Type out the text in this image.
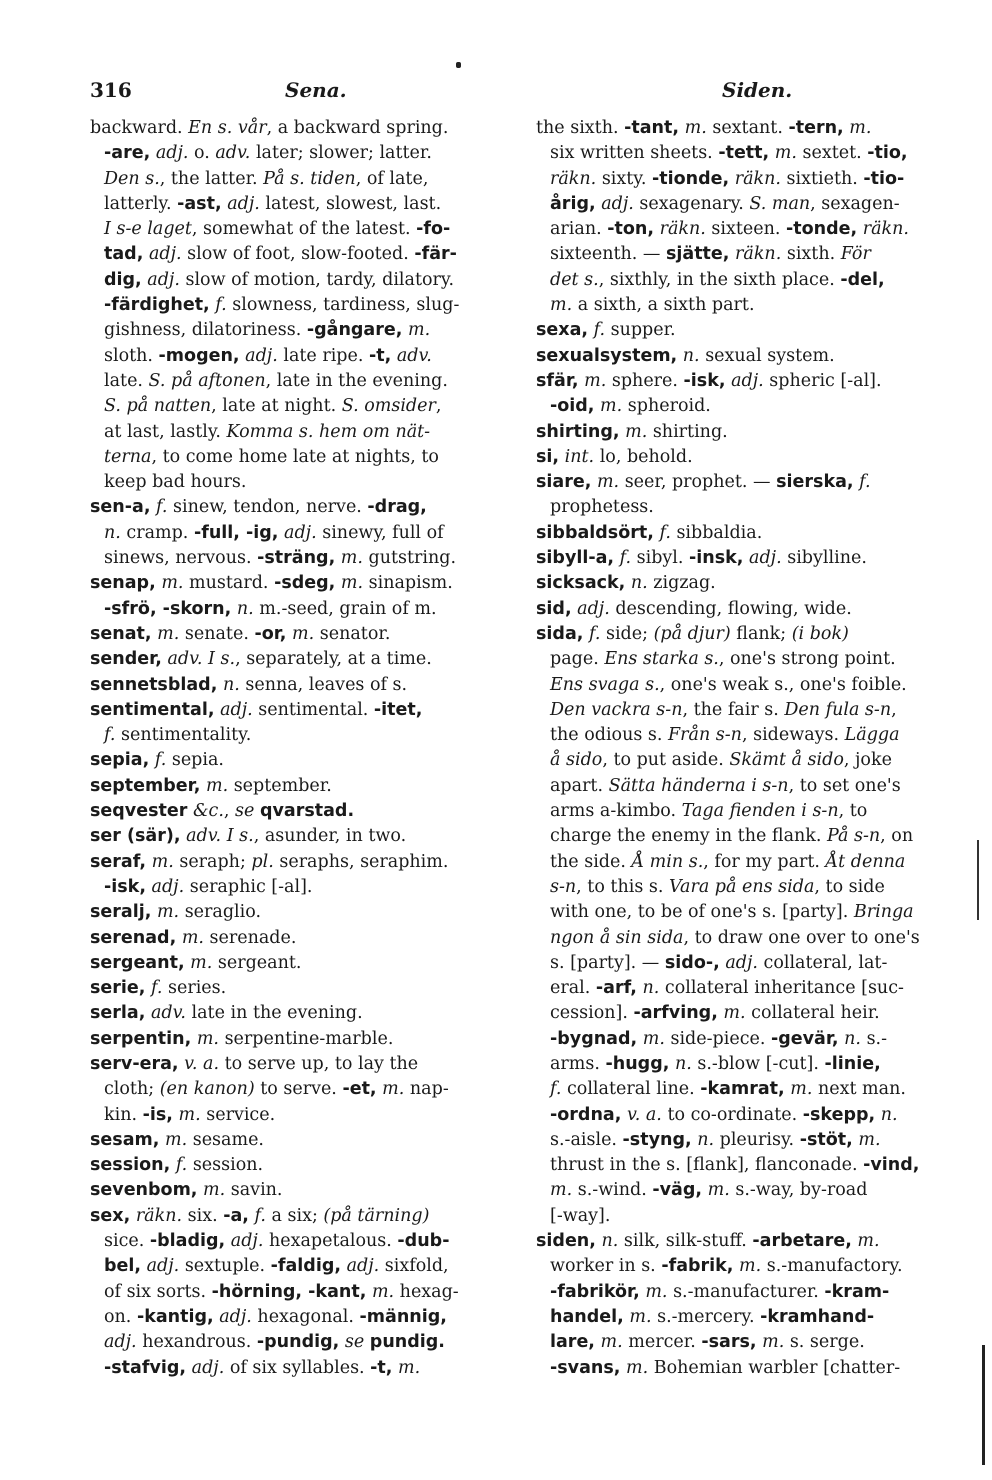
316	Sena.	Siden.
backward. En s. vår, a backward spring.
-are, adj. o. adv. later; slower; latter.
Den s., the latter. På s. tiden, of late,
latterly. -ast, adj. latest, slowest, last.
I s-e laget, somewhat of the latest. -fo-
tad, adj. slow of foot, slow-footed. -fär-
dig, adj. slow of motion, tardy, dilatory.
-färdighet, f. slowness, tardiness, slug-
gishness, dilatoriness. -gångare, m.
sloth. -mogen, adj. late ripe. -t, adv.
late. S. på aftonen, late in the evening.
S. på natten, late at night. S. omsider,
at last, lastly. Komma s. hem om nät-
terna, to come home late at nights, to
keep bad hours.
sen-a, f. sinew, tendon, nerve. -drag,
n. cramp. -full, -ig, adj. sinewy, full of
sinews, nervous. -sträng, m. gutstring.
senap, m. mustard. -sdeg, m. sinapism.
-sfrö, -skorn, n. m.-seed, grain of m.
senat, m. senate. -or, m. senator.
sender, adv. I s., separately, at a time.
sennetsblad, n. senna, leaves of s.
sentimental, adj. sentimental. -itet,
f. sentimentality.
sepia, f. sepia.
september, m. september.
seqvester &c., se qvarstad.
ser (sär), adv. I s., asunder, in two.
seraf, m. seraph; pl. seraphs, seraphim.
-isk, adj. seraphic [-al].
seralj, m. seraglio.
serenad, m. serenade.
sergeant, m. sergeant.
serie, f. series.
serla, adv. late in the evening.
serpentin, m. serpentine-marble.
serv-era, v. a. to serve up, to lay the
cloth; (en kanon) to serve. -et, m. nap-
kin. -is, m. service.
sesam, m. sesame.
session, f. session.
sevenbom, m. savin.
sex, räkn. six. -a, f. a six; (på tärning)
sice. -bladig, adj. hexapetalous. -dub-
bel, adj. sextuple. -faldig, adj. sixfold,
of six sorts. -hörning, -kant, m. hexag-
on. -kantig, adj. hexagonal. -männig,
adj. hexandrous. -pundig, se pundig.
-stafvig, adj. of six syllables. -t, m.
the sixth. -tant, m. sextant. -tern, m.
six written sheets. -tett, m. sextet. -tio,
räkn. sixty. -tionde, räkn. sixtieth. -tio-
årig, adj. sexagenary. S. man, sexagen-
arian. -ton, räkn. sixteen. -tonde, räkn.
sixteenth. — sjätte, räkn. sixth. För
det s., sixthly, in the sixth place. -del,
m. a sixth, a sixth part.
sexa, f. supper.
sexualsystem, n. sexual system.
sfär, m. sphere. -isk, adj. spheric [-al].
-oid, m. spheroid.
shirting, m. shirting.
si, int. lo, behold.
siare, m. seer, prophet. — sierska, f.
prophetess.
sibbaldsört, f. sibbaldia.
sibyll-a, f. sibyl. -insk, adj. sibylline.
sicksack, n. zigzag.
sid, adj. descending, flowing, wide.
sida, f. side; (på djur) flank; (i bok)
page. Ens starka s., one's strong point.
Ens svaga s., one's weak s., one's foible.
Den vackra s-n, the fair s. Den fula s-n,
the odious s. Från s-n, sideways. Lägga
å sido, to put aside. Skämt å sido, joke
apart. Sätta händerna i s-n, to set one's
arms a-kimbo. Taga fienden i s-n, to
charge the enemy in the flank. På s-n, on
the side. Å min s., for my part. Åt denna
s-n, to this s. Vara på ens sida, to side
with one, to be of one's s. [party]. Bringa
ngon å sin sida, to draw one over to one's
s. [party]. — sido-, adj. collateral, lat-
eral. -arf, n. collateral inheritance [suc-
cession]. -arfving, m. collateral heir.
-bygnad, m. side-piece. -gevär, n. s.-
arms. -hugg, n. s.-blow [-cut]. -linie,
f. collateral line. -kamrat, m. next man.
-ordna, v. a. to co-ordinate. -skepp, n.
s.-aisle. -styng, n. pleurisy. -stöt, m.
thrust in the s. [flank], flanconade. -vind,
m. s.-wind. -väg, m. s.-way, by-road
[-way].
siden, n. silk, silk-stuff. -arbetare, m.
worker in s. -fabrik, m. s.-manufactory.
-fabrikör, m. s.-manufacturer. -kram-
handel, m. s.-mercery. -kramhand-
lare, m. mercer. -sars, m. s. serge.
-svans, m. Bohemian warbler [chatter-
